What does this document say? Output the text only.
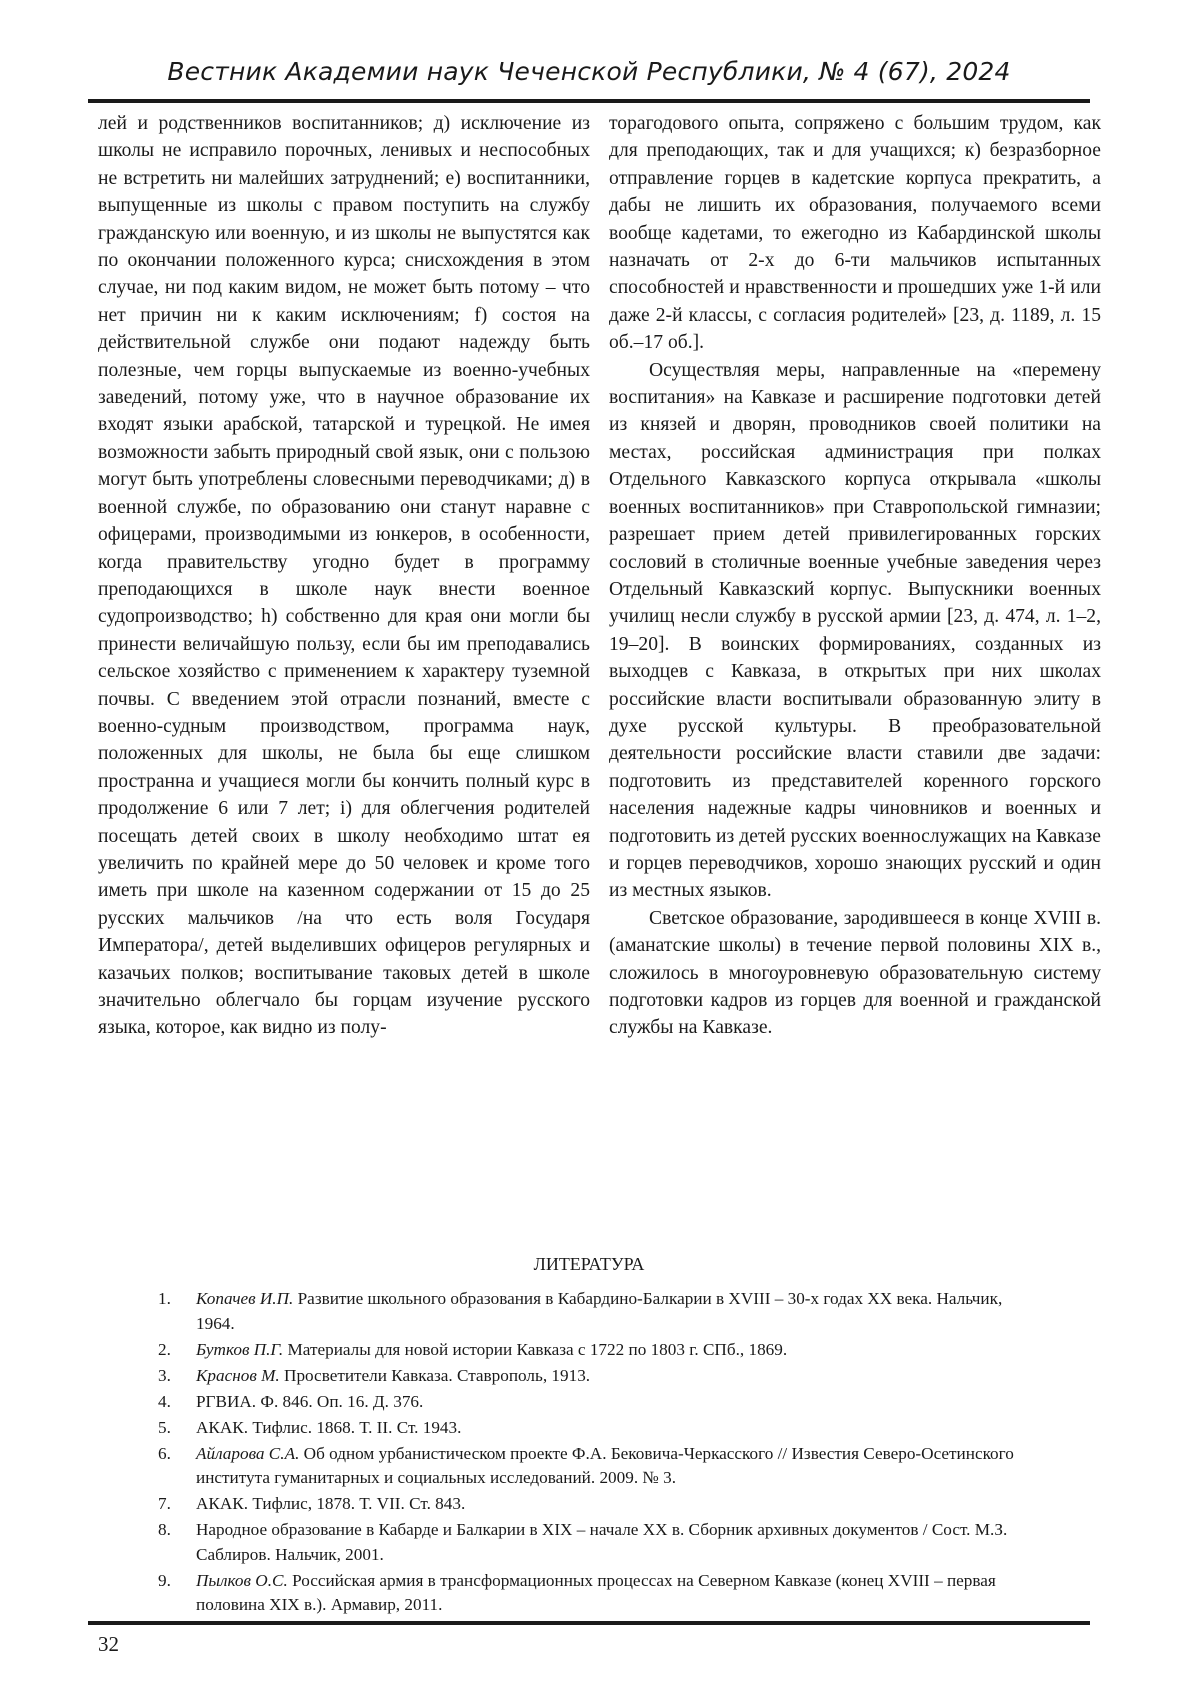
Вестник Академии наук Чеченской Республики, № 4 (67), 2024

лей и родственников воспитанников; д) исключение из школы не исправило порочных, ленивых и неспособных не встретить ни малейших затруднений; е) воспитанники, выпущенные из школы с правом поступить на службу гражданскую или военную, и из школы не выпустятся как по окончании положенного курса; снисхождения в этом случае, ни под каким видом, не может быть потому – что нет причин ни к каким исключениям; f) состоя на действительной службе они подают надежду быть полезные, чем горцы выпускаемые из военно-учебных заведений, потому уже, что в научное образование их входят языки арабской, татарской и турецкой. Не имея возможности забыть природный свой язык, они с пользою могут быть употреблены словесными переводчиками; д) в военной службе, по образованию они станут наравне с офицерами, производимыми из юнкеров, в особенности, когда правительству угодно будет в программу преподающихся в школе наук внести военное судопроизводство; h) собственно для края они могли бы принести величайшую пользу, если бы им преподавались сельское хозяйство с применением к характеру туземной почвы. С введением этой отрасли познаний, вместе с военно-судным производством, программа наук, положенных для школы, не была бы еще слишком пространна и учащиеся могли бы кончить полный курс в продолжение 6 или 7 лет; i) для облегчения родителей посещать детей своих в школу необходимо штат ея увеличить по крайней мере до 50 человек и кроме того иметь при школе на казенном содержании от 15 до 25 русских мальчиков /на что есть воля Государя Императора/, детей выделивших офицеров регулярных и казачьих полков; воспитывание таковых детей в школе значительно облегчало бы горцам изучение русского языка, которое, как видно из полу-

торагодового опыта, сопряжено с большим трудом, как для преподающих, так и для учащихся; к) безразборное отправление горцев в кадетские корпуса прекратить, а дабы не лишить их образования, получаемого всеми вообще кадетами, то ежегодно из Кабардинской школы назначать от 2-х до 6-ти мальчиков испытанных способностей и нравственности и прошедших уже 1-й или даже 2-й классы, с согласия родителей» [23, д. 1189, л. 15 об.–17 об.].

Осуществляя меры, направленные на «перемену воспитания» на Кавказе и расширение подготовки детей из князей и дворян, проводников своей политики на местах, российская администрация при полках Отдельного Кавказского корпуса открывала «школы военных воспитанников» при Ставропольской гимназии; разрешает прием детей привилегированных горских сословий в столичные военные учебные заведения через Отдельный Кавказский корпус. Выпускники военных училищ несли службу в русской армии [23, д. 474, л. 1–2, 19–20]. В воинских формированиях, созданных из выходцев с Кавказа, в открытых при них школах российские власти воспитывали образованную элиту в духе русской культуры. В преобразовательной деятельности российские власти ставили две задачи: подготовить из представителей коренного горского населения надежные кадры чиновников и военных и подготовить из детей русских военнослужащих на Кавказе и горцев переводчиков, хорошо знающих русский и один из местных языков.

Светское образование, зародившееся в конце XVIII в. (аманатские школы) в течение первой половины XIX в., сложилось в многоуровневую образовательную систему подготовки кадров из горцев для военной и гражданской службы на Кавказе.

ЛИТЕРАТУРА
1. Копачев И.П. Развитие школьного образования в Кабардино-Балкарии в XVIII – 30-х годах XX века. Нальчик, 1964.
2. Бутков П.Г. Материалы для новой истории Кавказа с 1722 по 1803 г. СПб., 1869.
3. Краснов М. Просветители Кавказа. Ставрополь, 1913.
4. РГВИА. Ф. 846. Оп. 16. Д. 376.
5. АКАК. Тифлис. 1868. Т. II. Ст. 1943.
6. Айларова С.А. Об одном урбанистическом проекте Ф.А. Бековича-Черкасского // Известия Северо-Осетинского института гуманитарных и социальных исследований. 2009. № 3.
7. АКАК. Тифлис, 1878. Т. VII. Ст. 843.
8. Народное образование в Кабарде и Балкарии в XIX – начале XX в. Сборник архивных документов / Сост. М.З. Саблиров. Нальчик, 2001.
9. Пылков О.С. Российская армия в трансформационных процессах на Северном Кавказе (конец XVIII – первая половина XIX в.). Армавир, 2011.
32
